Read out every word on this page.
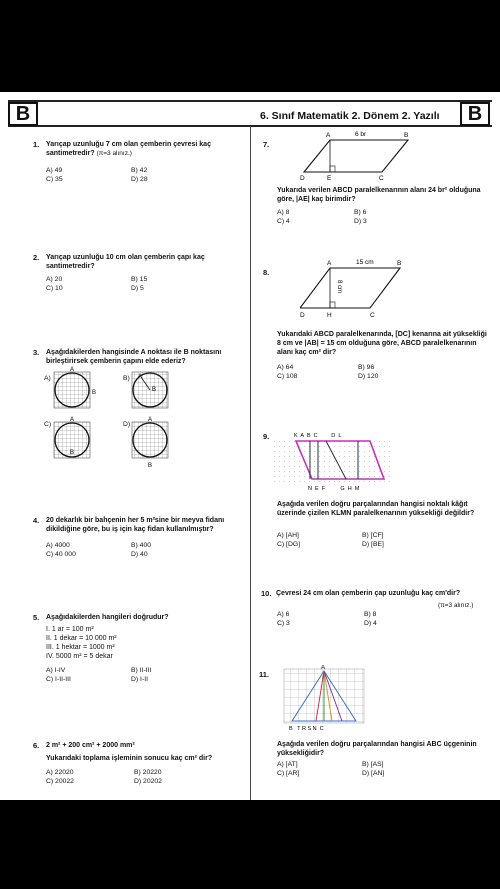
B	B
6. Sınıf Matematik 2. Dönem 2. Yazılı
1. Yarıçap uzunluğu 7 cm olan çemberin çevresi kaç santimetredir? (π=3 alınız.)
A) 49	B) 42
C) 35	D) 28
2. Yarıçap uzunluğu 10 cm olan çemberin çapı kaç santimetredir?
A) 20	B) 15
C) 10	D) 5
3. Aşağıdakilerden hangisinde A noktası ile B noktasını birleştirirsek çemberin çapını elde ederiz?
A)	B)
C)	D)
A
B
A
B
A
B
A
B
4. 20 dekarlık bir bahçenin her 5 m²sine bir meyva fidanı dikildiğine göre, bu iş için kaç fidan kullanılmıştır?
A) 4000	B) 400
C) 40 000	D) 40
5. Aşağıdakilerden hangileri doğrudur?
I. 1 ar = 100 m²
II. 1 dekar = 10 000 m²
III. 1 hektar = 1000 m²
IV. 5000 m² = 5 dekar
A) I-IV	B) II-III
C) I-II-III	D) I-II
6. 2 m² + 200 cm² + 2000 mm²
Yukarıdaki toplama işleminin sonucu kaç cm² dir?
A) 22020	B) 20220
C) 20022	D) 20202
7.
A	B
6 br
D	E	C
Yukarıda verilen ABCD paralelkenarının alanı 24 br² olduğuna göre, |AE| kaç birimdir?
A) 8	B) 6
C) 4	D) 3
8.
A	B
15 cm
8 cm
D	H	C
Yukarıdaki ABCD paralelkenarında, [DC] kenarına ait yüksekliği 8 cm ve |AB| = 15 cm olduğuna göre, ABCD paralelkenarının alanı kaç cm² dir?
A) 64	B) 96
C) 108	D) 120
9.	K  A  B  C         D  L
N  E  F          G  H  M
Aşağıda verilen doğru parçalarından hangisi noktalı kâğıt üzerinde çizilen KLMN paralelkenarının yüksekliği değildir?
A) [AH]	B) [CF]
C) [DG]	D) [BE]
10. Çevresi 24 cm olan çemberin çap uzunluğu kaç cm'dir?
(π=3 alınız.)
A) 6	B) 8
C) 3	D) 4
11.
A
B   T R S N  C
Aşağıda verilen doğru parçalarından hangisi ABC üçgeninin yüksekliğidir?
A) [AT]	B) [AS]
C) [AR]	D) [AN]
